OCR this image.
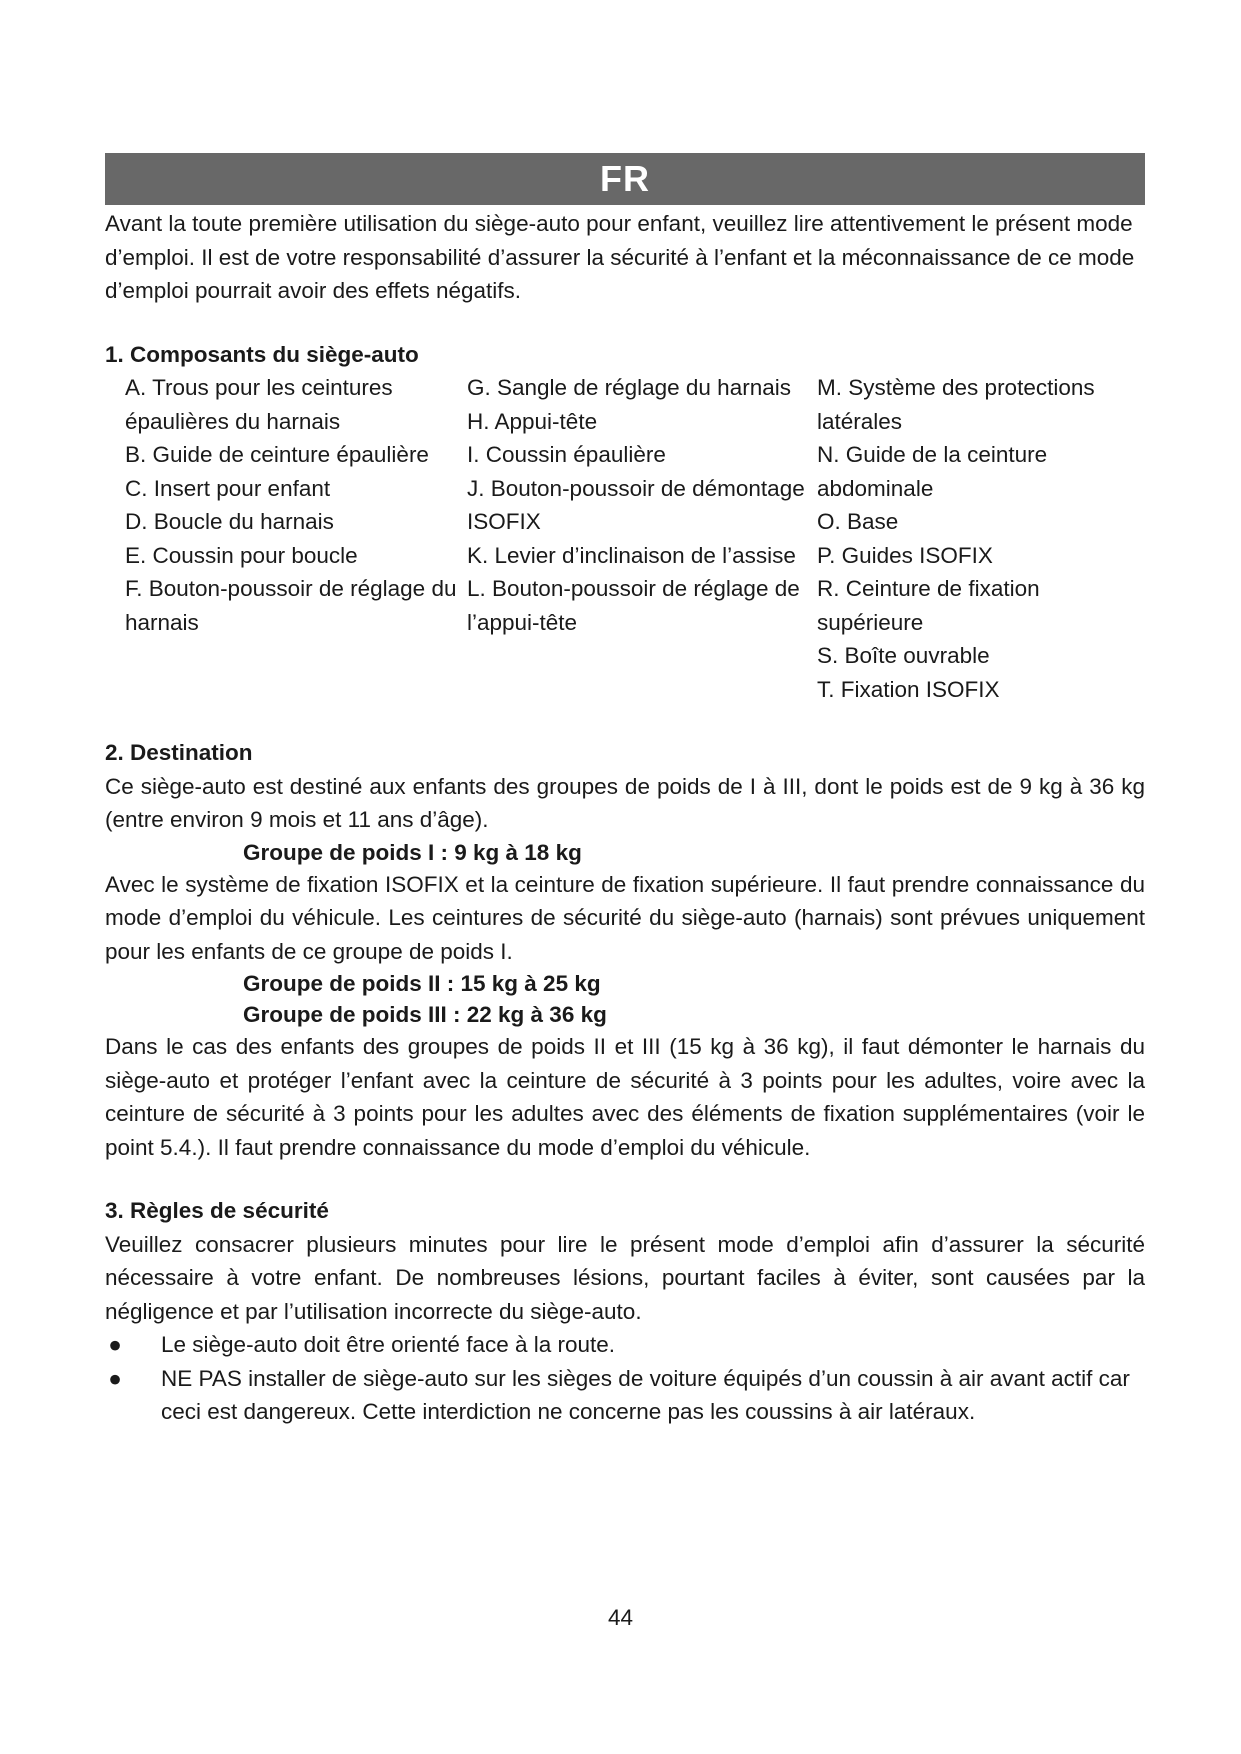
FR
Avant la toute première utilisation du siège-auto pour enfant, veuillez lire attentivement le présent mode d’emploi. Il est de votre responsabilité d’assurer la sécurité à l’enfant et la méconnaissance de ce mode d’emploi pourrait avoir des effets négatifs.
1. Composants du siège-auto
A. Trous pour les ceintures épaulières du harnais
B. Guide de ceinture épaulière
C. Insert pour enfant
D. Boucle du harnais
E. Coussin pour boucle
F. Bouton-poussoir de réglage du harnais
G. Sangle de réglage du harnais
H. Appui-tête
I. Coussin épaulière
J. Bouton-poussoir de démontage ISOFIX
K. Levier d’inclinaison de l’assise
L. Bouton-poussoir de réglage de l’appui-tête
M. Système des protections latérales
N. Guide de la ceinture abdominale
O. Base
P. Guides ISOFIX
R. Ceinture de fixation supérieure
S. Boîte ouvrable
T. Fixation ISOFIX
2. Destination
Ce siège-auto est destiné aux enfants des groupes de poids de I à III, dont le poids est de 9 kg à 36 kg (entre environ 9 mois et 11 ans d’âge).
Groupe de poids I : 9 kg à 18 kg
Avec le système de fixation ISOFIX et la ceinture de fixation supérieure. Il faut prendre connaissance du mode d’emploi du véhicule. Les ceintures de sécurité du siège-auto (harnais) sont prévues uniquement pour les enfants de ce groupe de poids I.
Groupe de poids II : 15 kg à 25 kg
Groupe de poids III : 22 kg à 36 kg
Dans le cas des enfants des groupes de poids II et III (15 kg à 36 kg), il faut démonter le harnais du siège-auto et protéger l’enfant avec la ceinture de sécurité à 3 points pour les adultes, voire avec la ceinture de sécurité à 3 points pour les adultes avec des éléments de fixation supplémentaires (voir le point 5.4.). Il faut prendre connaissance du mode d’emploi du véhicule.
3. Règles de sécurité
Veuillez consacrer plusieurs minutes pour lire le présent mode d’emploi afin d’assurer la sécurité nécessaire à votre enfant. De nombreuses lésions, pourtant faciles à éviter, sont causées par la négligence et par l’utilisation incorrecte du siège-auto.
● Le siège-auto doit être orienté face à la route.
● NE PAS installer de siège-auto sur les sièges de voiture équipés d’un coussin à air avant actif car ceci est dangereux. Cette interdiction ne concerne pas les coussins à air latéraux.
44
